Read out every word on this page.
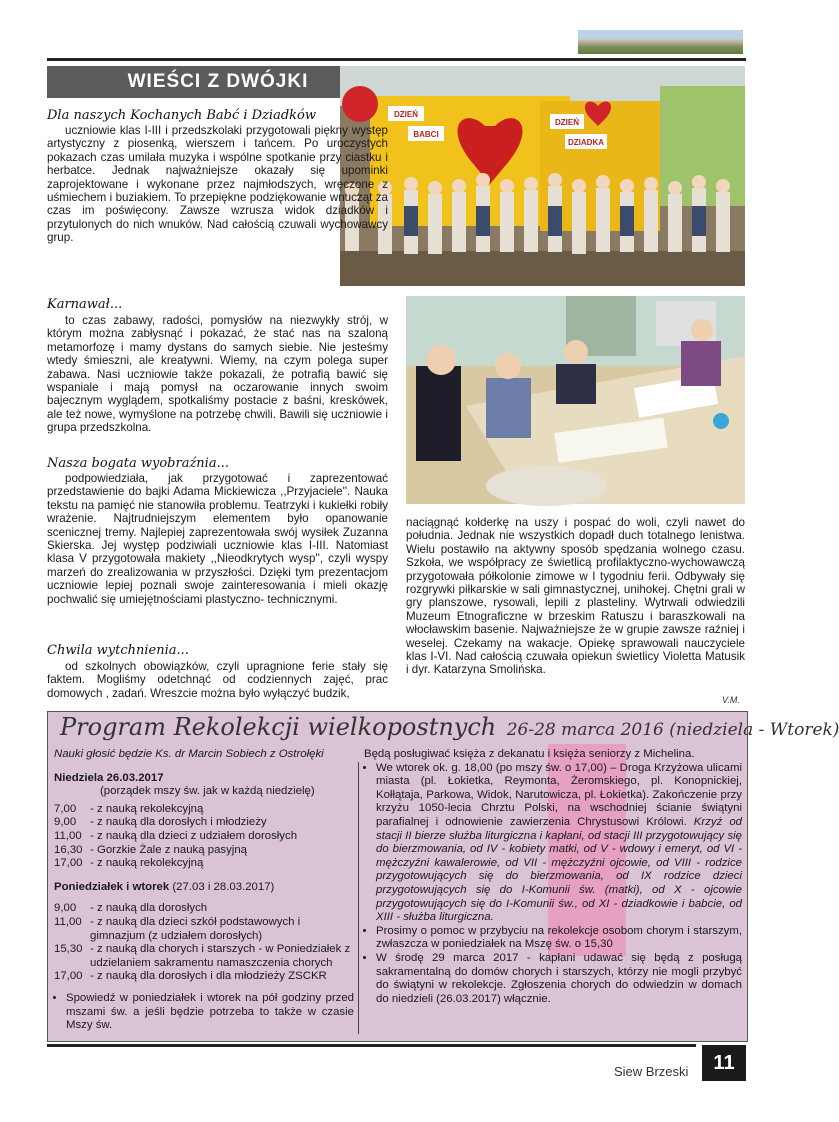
WIEŚCI Z DWÓJKI
DZIEŃ
BABCI
DZIEŃ
DZIADKA
Dla naszych Kochanych Babć i Dziadków

uczniowie klas I-III i przedszkolaki przygotowali piękny występ artystyczny z piosenką, wierszem i tańcem. Po uroczystych pokazach czas umilała muzyka i wspólne spotkanie przy ciastku i herbatce. Jednak najważniejsze okazały się upominki zaprojektowane i wykonane przez najmłodszych, wręczone z uśmiechem i buziakiem. To przepiękne podziękowanie wnucząt za czas im poświęcony. Zawsze wzrusza widok dziadków i przytulonych do nich wnuków. Nad całością czuwali wychowawcy grup.

Karnawał...

to czas zabawy, radości, pomysłów na niezwykły strój, w którym można zabłysnąć i pokazać, że stać nas na szaloną metamorfozę i mamy dystans do samych siebie. Nie jesteśmy wtedy śmieszni, ale kreatywni. Wiemy, na czym polega super zabawa. Nasi uczniowie także pokazali, że potrafią bawić się wspaniale i mają pomysł na oczarowanie innych swoim bajecznym wyglądem, spotkaliśmy postacie z baśni, kreskówek, ale też nowe, wymyślone na potrzebę chwili. Bawili się uczniowie i grupa przedszkolna.

Nasza bogata wyobraźnia...

podpowiedziała, jak przygotować i zaprezentować przedstawienie do bajki Adama Mickiewicza ,,Przyjaciele''. Nauka tekstu na pamięć nie stanowiła problemu. Teatrzyki i kukiełki robiły wrażenie. Najtrudniejszym elementem było opanowanie scenicznej tremy. Najlepiej zaprezentowała swój wysiłek Zuzanna Skierska. Jej występ podziwiali uczniowie klas I-III. Natomiast klasa V przygotowała makiety ,,Nieodkrytych wysp'', czyli wyspy marzeń do zrealizowania w przyszłości. Dzięki tym prezentacjom uczniowie lepiej poznali swoje zainteresowania i mieli okazję pochwalić się umiejętnościami plastyczno- technicznymi.

Chwila wytchnienia...

od szkolnych obowiązków, czyli upragnione ferie stały się faktem. Mogliśmy odetchnąć od codziennych zajęć, prac domowych , zadań. Wreszcie można było wyłączyć budzik,

naciągnąć kołderkę na uszy i pospać do woli, czyli nawet do południa. Jednak nie wszystkich dopadł duch totalnego lenistwa. Wielu postawiło na aktywny sposób spędzania wolnego czasu. Szkoła, we współpracy ze świetlicą profilaktyczno-wychowawczą przygotowała półkolonie zimowe w I tygodniu ferii. Odbywały się rozgrywki piłkarskie w sali gimnastycznej, unihokej. Chętni grali w gry planszowe, rysowali, lepili z plasteliny. Wytrwali odwiedzili Muzeum Etnograficzne w brzeskim Ratuszu i baraszkowali na włocławskim basenie. Najważniejsze że w grupie zawsze raźniej i weselej. Czekamy na wakacje. Opiekę sprawowali nauczyciele klas I-VI. Nad całością czuwała opiekun świetlicy Violetta Matusik i dyr. Katarzyna Smolińska.

V.M.
Program Rekolekcji wielkopostnych 26-28 marca 2016 (niedziela - Wtorek)
Nauki głosić będzie Ks. dr Marcin Sobiech z Ostrołęki
Niedziela 26.03.2017
(porządek mszy św. jak w każdą niedzielę)
7,00	- z nauką rekolekcyjną
9,00	- z nauką dla dorosłych i młodzieży
11,00 - z nauką dla dzieci z udziałem dorosłych
16,30 - Gorzkie Żale z nauką pasyjną
17,00 - z nauką rekolekcyjną
Poniedziałek i wtorek (27.03 i 28.03.2017)
9,00	- z nauką dla dorosłych
11,00 - z nauką dla dzieci szkół podstawowych i gimnazjum (z udziałem dorosłych)
15,30 - z nauką dla chorych i starszych - w Poniedziałek z udzielaniem sakramentu namaszczenia chorych
17,00 - z nauką dla dorosłych i dla młodzieży ZSCKR
• Spowiedź w poniedziałek i wtorek na pół godziny przed mszami św. a jeśli będzie potrzeba to także w czasie Mszy św.
Będą posługiwać księża z dekanatu i księża seniorzy z Michelina.
• We wtorek ok. g. 18,00 (po mszy św. o 17,00) – Droga Krzyżowa ulicami miasta (pl. Łokietka, Reymonta, Żeromskiego, pl. Konopnickiej, Kołłątaja, Parkowa, Widok, Narutowicza, pl. Łokietka). Zakończenie przy krzyżu 1050-lecia Chrztu Polski, na wschodniej ścianie świątyni parafialnej i odnowienie zawierzenia Chrystusowi Królowi. Krzyż od stacji II bierze służba liturgiczna i kapłani, od stacji III przygotowujący się do bierzmowania, od IV - kobiety matki, od V - wdowy i emeryt, od VI - mężczyźni kawalerowie, od VII - mężczyźni ojcowie, od VIII - rodzice przygotowujących się do bierzmowania, od IX rodzice dzieci przygotowujących się do I-Komunii św. (matki), od X - ojcowie przygotowujących się do I-Komunii św., od XI - dziadkowie i babcie, od XIII - służba liturgiczna.
• Prosimy o pomoc w przybyciu na rekolekcje osobom chorym i starszym, zwłaszcza w poniedziałek na Mszę św. o 15,30
• W środę 29 marca 2017 - kapłani udawać się będą z posługą sakramentalną do domów chorych i starszych, którzy nie mogli przybyć do świątyni w rekolekcje. Zgłoszenia chorych do odwiedzin w domach do niedzieli (26.03.2017) włącznie.
Siew Brzeski	11
